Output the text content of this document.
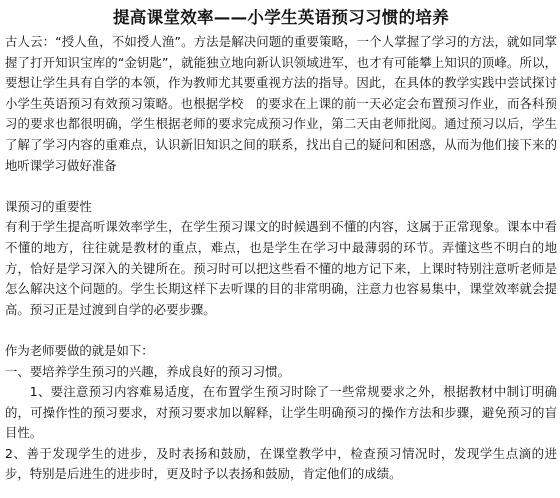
提高课堂效率——小学生英语预习习惯的培养

古人云：“授人鱼，不如授人渔”。方法是解决问题的重要策略，一个人掌握了学习的方法，就如同掌握了打开知识宝库的“金钥匙”，就能独立地向新认识领域进军，也才有可能攀上知识的顶峰。所以，要想让学生具有自学的本领，作为教师尤其要重视方法的指导。因此，在具体的教学实践中尝试探讨小学生英语预习有效预习策略。也根据学校　的要求在上课的前一天必定会布置预习作业，而各科预习的要求也都很明确，学生根据老师的要求完成预习作业，第二天由老师批阅。通过预习以后，学生了解了学习内容的重难点，认识新旧知识之间的联系，找出自己的疑问和困惑，从而为他们接下来的地听课学习做好准备

课预习的重要性

有利于学生提高听课效率学生，在学生预习课文的时候遇到不懂的内容，这属于正常现象。课本中看不懂的地方，往往就是教材的重点，难点，也是学生在学习中最薄弱的环节。弄懂这些不明白的地方，恰好是学习深入的关键所在。预习时可以把这些看不懂的地方记下来，上课时特别注意听老师是怎么解决这个问题的。学生长期这样下去听课的目的非常明确，注意力也容易集中，课堂效率就会提高。预习正是过渡到自学的必要步骤。

作为老师要做的就是如下：

一、要培养学生预习的兴趣，养成良好的预习习惯。

1、要注意预习内容难易适度，在布置学生预习时除了一些常规要求之外，根据教材中制订明确的，可操作性的预习要求，对预习要求加以解释，让学生明确预习的操作方法和步骤，避免预习的盲目性。

2、善于发现学生的进步，及时表扬和鼓励，在课堂教学中，检查预习情况时，发现学生点滴的进步，特别是后进生的进步时，更及时予以表扬和鼓励，肯定他们的成绩。
